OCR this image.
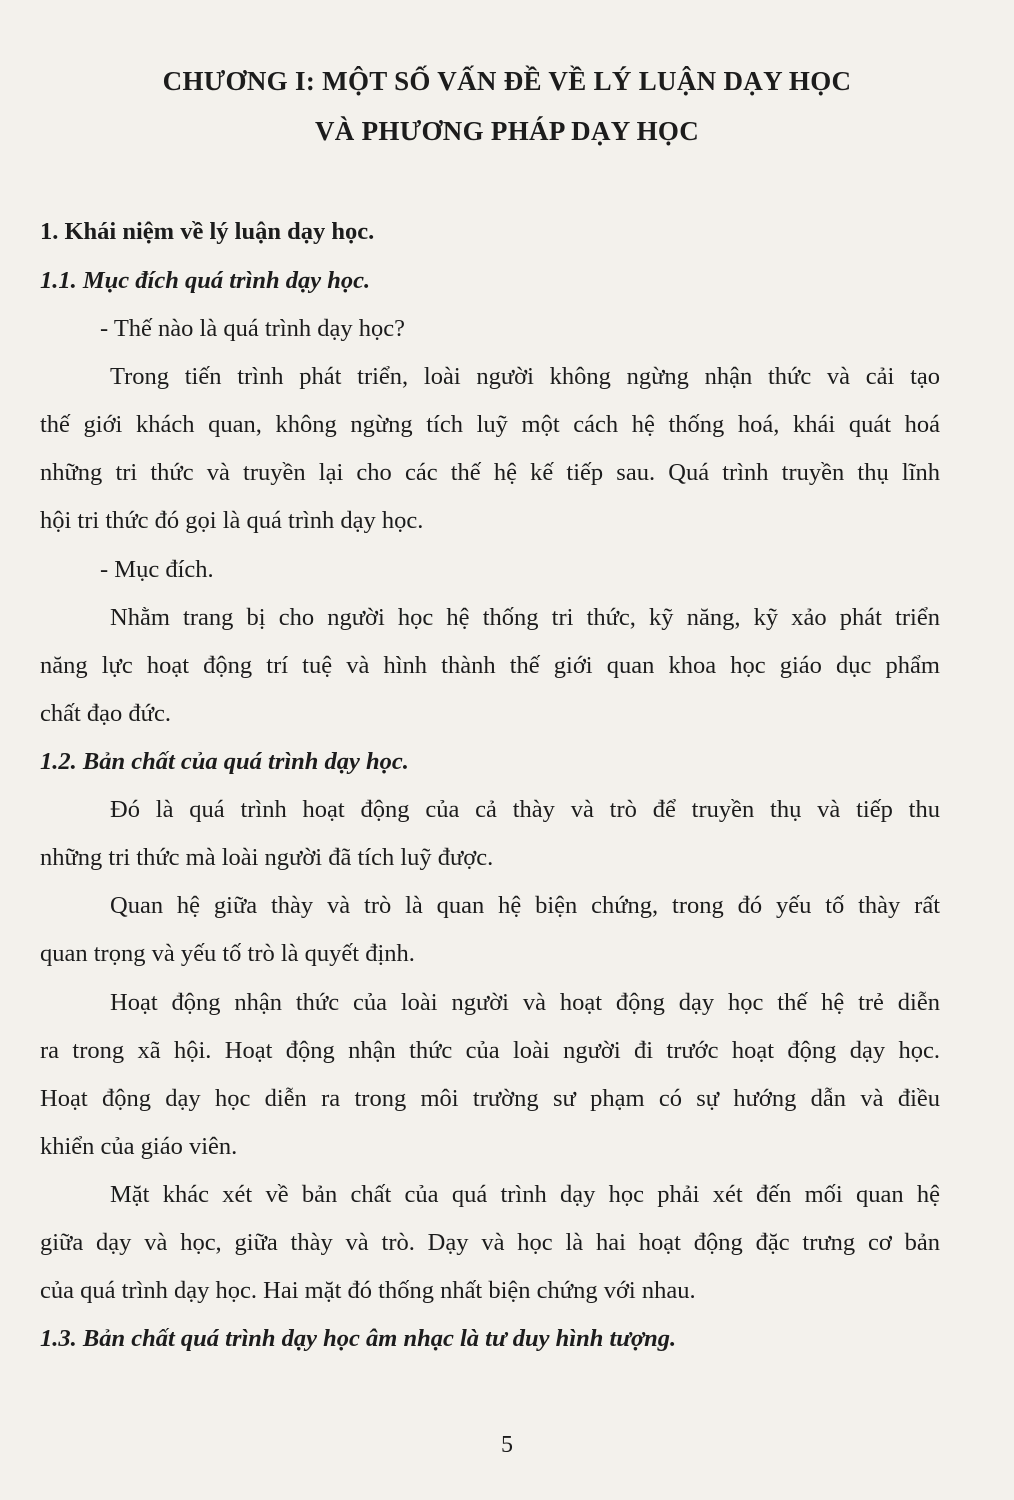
CHƯƠNG I: MỘT SỐ VẤN ĐỀ VỀ LÝ LUẬN DẠY HỌC
VÀ PHƯƠNG PHÁP DẠY HỌC
1. Khái niệm về lý luận dạy học.
1.1. Mục đích quá trình dạy học.
- Thế nào là quá trình dạy học?
Trong tiến trình phát triển, loài người không ngừng nhận thức và cải tạo
thế giới khách quan, không ngừng tích luỹ một cách hệ thống hoá, khái quát hoá
những tri thức và truyền lại cho các thế hệ kế tiếp sau. Quá trình truyền thụ lĩnh
hội tri thức đó gọi là quá trình dạy học.
- Mục đích.
Nhằm trang bị cho người học hệ thống tri thức, kỹ năng, kỹ xảo phát triển
năng lực hoạt động trí tuệ và hình thành thế giới quan khoa học giáo dục phẩm
chất đạo đức.
1.2. Bản chất của quá trình dạy học.
Đó là quá trình hoạt động của cả thày và trò để truyền thụ và tiếp thu
những tri thức mà loài người đã tích luỹ được.
Quan hệ giữa thày và trò là quan hệ biện chứng, trong đó yếu tố thày rất
quan trọng và yếu tố trò là quyết định.
Hoạt động nhận thức của loài người và hoạt động dạy học thế hệ trẻ diễn
ra trong xã hội. Hoạt động nhận thức của loài người đi trước hoạt động dạy học.
Hoạt động dạy học diễn ra trong môi trường sư phạm có sự hướng dẫn và điều
khiển của giáo viên.
Mặt khác xét về bản chất của quá trình dạy học phải xét đến mối quan hệ
giữa dạy và học, giữa thày và trò. Dạy và học là hai hoạt động đặc trưng cơ bản
của quá trình dạy học. Hai mặt đó thống nhất biện chứng với nhau.
1.3. Bản chất quá trình dạy học âm nhạc là tư duy hình tượng.
5
